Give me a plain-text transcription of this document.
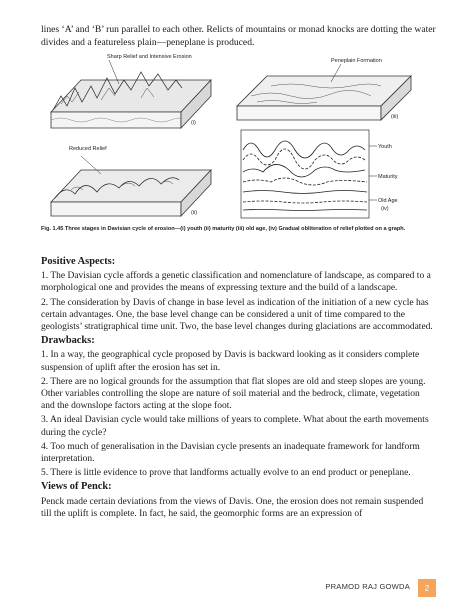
lines ‘A’ and ‘B’ run parallel to each other. Relicts of mountains or monad knocks are dotting the water divides and a featureless plain—peneplane is produced.
Sharp Relief and Intensive Erosion
(i)
Reduced Relief
(ii)
Peneplain Formation
(iii)
Youth
Maturity
Old Age
(iv)
Fig. 1.45 Three stages in Davisian cycle of erosion—(i) youth (ii) maturity (iii) old age, (iv) Gradual obliteration of relief plotted on a graph.
Positive Aspects:

1. The Davisian cycle affords a genetic classification and nomenclature of landscape, as compared to a morphological one and provides the means of expressing texture and the build of a landscape.

2. The consideration by Davis of change in base level as indication of the initiation of a new cycle has certain advantages. One, the base level change can be considered a unit of time compared to the geologists’ stratigraphical time unit. Two, the base level changes during glaciations are accommodated.

Drawbacks:

1. In a way, the geographical cycle proposed by Davis is backward looking as it considers complete suspension of uplift after the erosion has set in.

2. There are no logical grounds for the assumption that flat slopes are old and steep slopes are young. Other variables controlling the slope are nature of soil material and the bedrock, climate, vegetation and the downslope factors acting at the slope foot.

3. An ideal Davisian cycle would take millions of years to complete. What about the earth movements during the cycle?

4. Too much of generalisation in the Davisian cycle presents an inadequate framework for landform interpretation.

5. There is little evidence to prove that landforms actually evolve to an end product or peneplane.

Views of Penck:

Penck made certain deviations from the views of Davis. One, the erosion does not remain suspended till the uplift is complete. In fact, he said, the geomorphic forms are an expression of

PRAMOD RAJ GOWDA	2
